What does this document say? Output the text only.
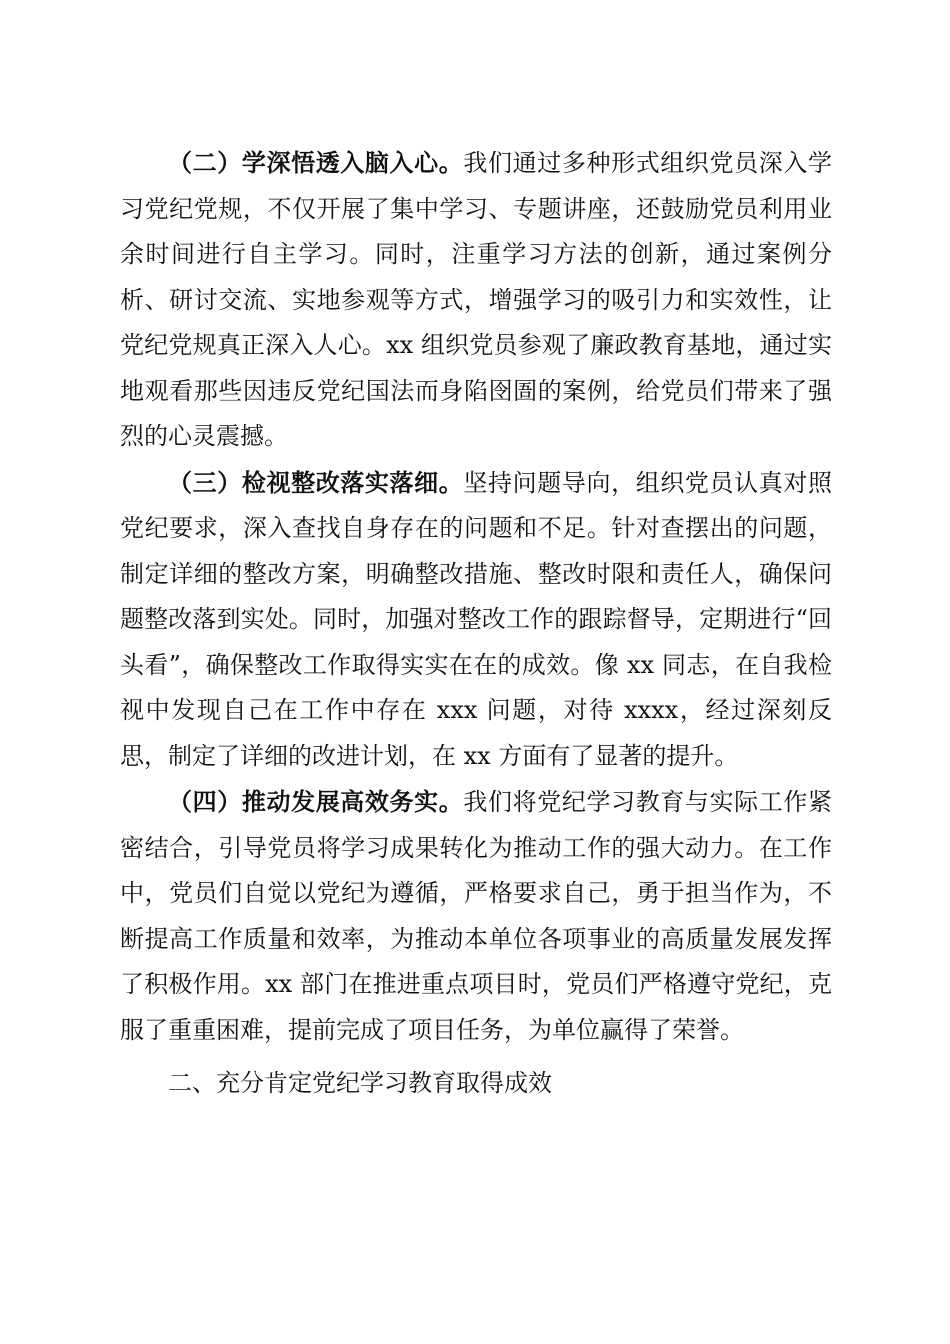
（二）学深悟透入脑入心。我们通过多种形式组织党员深入学习党纪党规，不仅开展了集中学习、专题讲座，还鼓励党员利用业余时间进行自主学习。同时，注重学习方法的创新，通过案例分析、研讨交流、实地参观等方式，增强学习的吸引力和实效性，让党纪党规真正深入人心。xx 组织党员参观了廉政教育基地，通过实地观看那些因违反党纪国法而身陷囹圄的案例，给党员们带来了强烈的心灵震撼。

（三）检视整改落实落细。坚持问题导向，组织党员认真对照党纪要求，深入查找自身存在的问题和不足。针对查摆出的问题，制定详细的整改方案，明确整改措施、整改时限和责任人，确保问题整改落到实处。同时，加强对整改工作的跟踪督导，定期进行“回头看”，确保整改工作取得实实在在的成效。像 xx 同志，在自我检视中发现自己在工作中存在 xxx 问题，对待 xxxx，经过深刻反思，制定了详细的改进计划，在 xx 方面有了显著的提升。

（四）推动发展高效务实。我们将党纪学习教育与实际工作紧密结合，引导党员将学习成果转化为推动工作的强大动力。在工作中，党员们自觉以党纪为遵循，严格要求自己，勇于担当作为，不断提高工作质量和效率，为推动本单位各项事业的高质量发展发挥了积极作用。xx 部门在推进重点项目时，党员们严格遵守党纪，克服了重重困难，提前完成了项目任务，为单位赢得了荣誉。

二、充分肯定党纪学习教育取得成效
